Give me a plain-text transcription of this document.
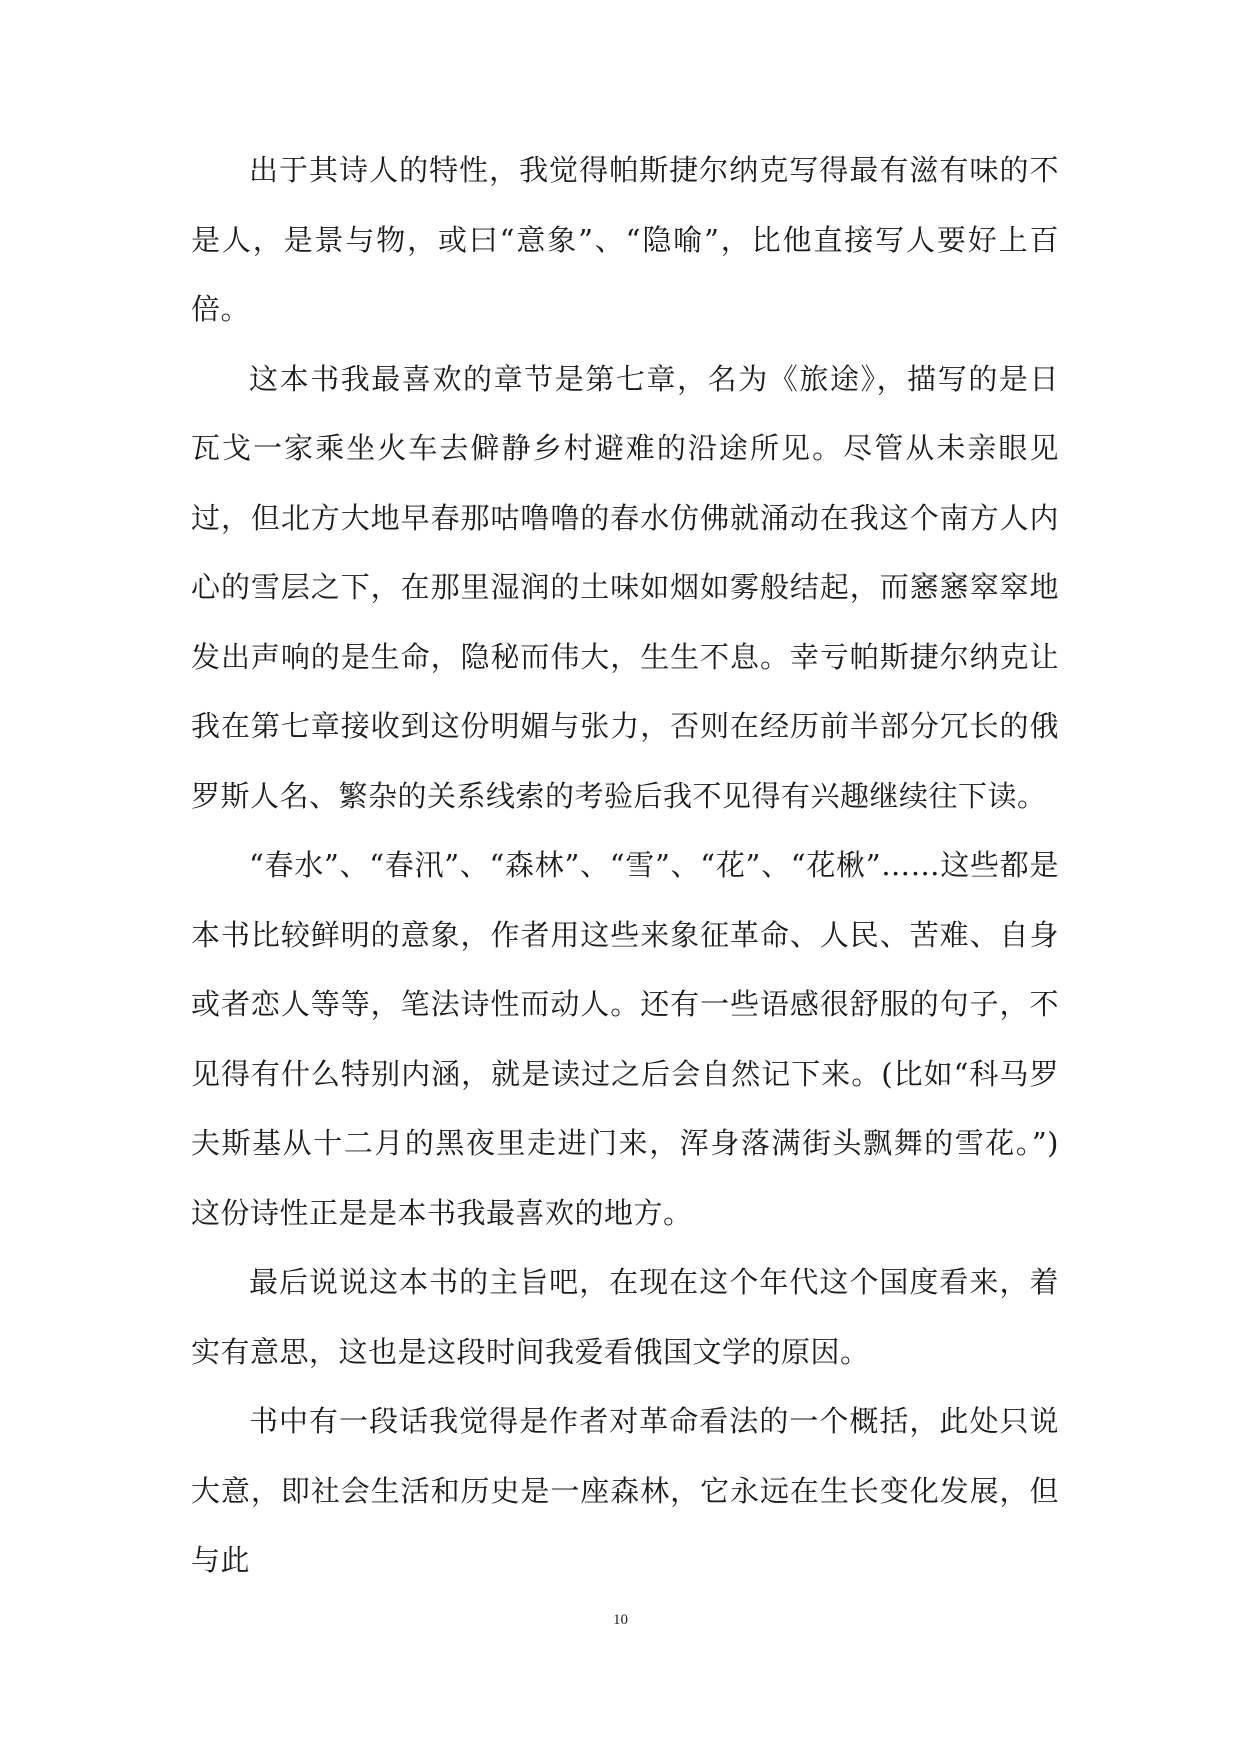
出于其诗人的特性，我觉得帕斯捷尔纳克写得最有滋有味的不是人，是景与物，或曰“意象”、“隐喻”，比他直接写人要好上百倍。

这本书我最喜欢的章节是第七章，名为《旅途》，描写的是日瓦戈一家乘坐火车去僻静乡村避难的沿途所见。尽管从未亲眼见过，但北方大地早春那咕噜噜的春水仿佛就涌动在我这个南方人内心的雪层之下，在那里湿润的土味如烟如雾般结起，而窸窸窣窣地发出声响的是生命，隐秘而伟大，生生不息。幸亏帕斯捷尔纳克让我在第七章接收到这份明媚与张力，否则在经历前半部分冗长的俄罗斯人名、繁杂的关系线索的考验后我不见得有兴趣继续往下读。

“春水”、“春汛”、“森林”、“雪”、“花”、“花楸”……这些都是本书比较鲜明的意象，作者用这些来象征革命、人民、苦难、自身或者恋人等等，笔法诗性而动人。还有一些语感很舒服的句子，不见得有什么特别内涵，就是读过之后会自然记下来。(比如“科马罗夫斯基从十二月的黑夜里走进门来，浑身落满街头飘舞的雪花。”)这份诗性正是是本书我最喜欢的地方。

最后说说这本书的主旨吧，在现在这个年代这个国度看来，着实有意思，这也是这段时间我爱看俄国文学的原因。

书中有一段话我觉得是作者对革命看法的一个概括，此处只说大意，即社会生活和历史是一座森林，它永远在生长变化发展，但与此

10
